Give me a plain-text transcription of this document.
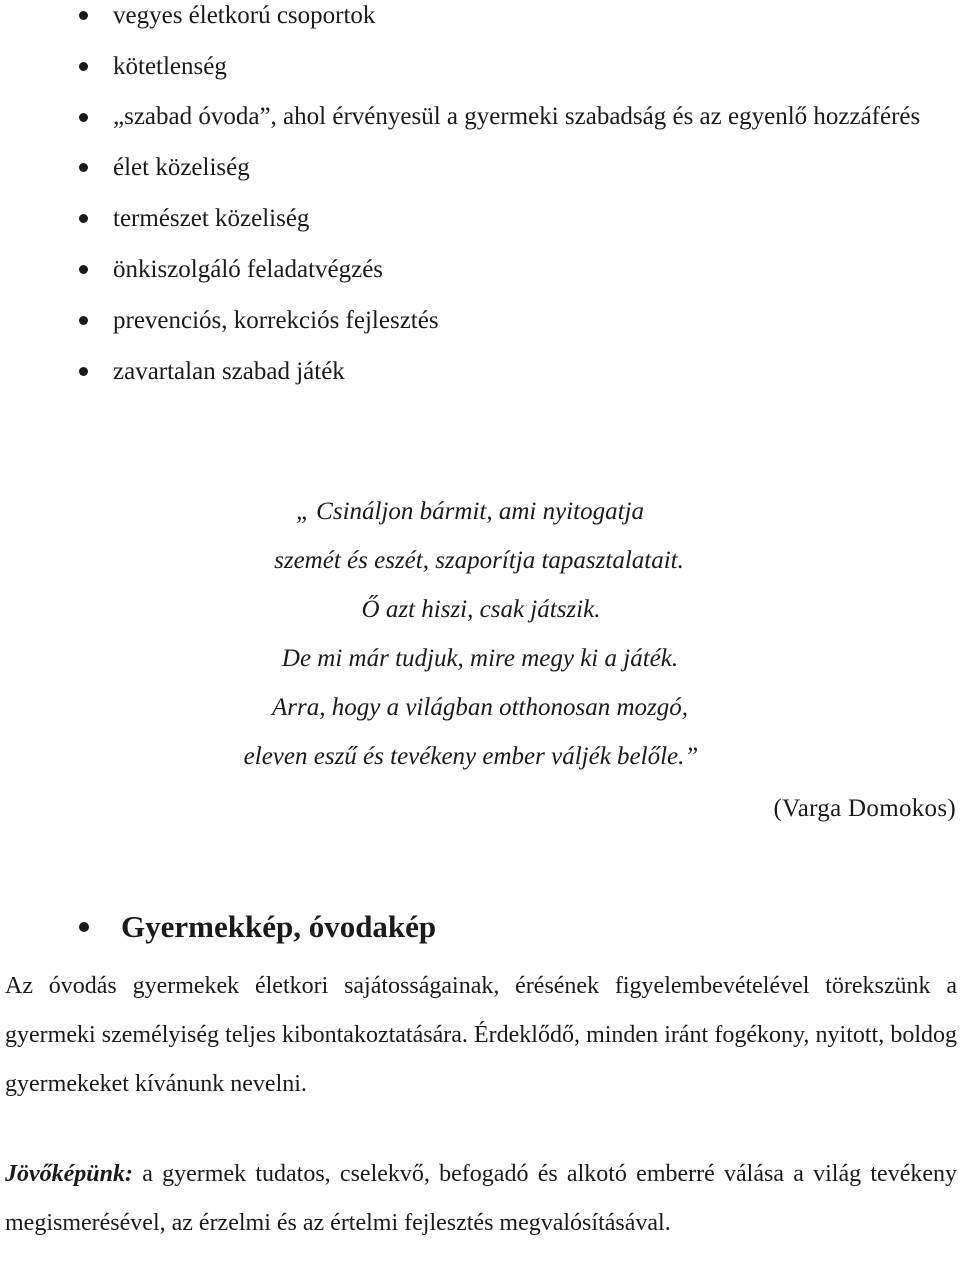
vegyes életkorú csoportok
kötetlenség
„szabad óvoda”, ahol érvényesül a gyermeki szabadság és az egyenlő hozzáférés
élet közeliség
természet közeliség
önkiszolgáló feladatvégzés
prevenciós, korrekciós fejlesztés
zavartalan szabad játék
„ Csináljon bármit, ami nyitogatja
szemét és eszét, szaporítja tapasztalatait.
Ő azt hiszi, csak játszik.
De mi már tudjuk, mire megy ki a játék.
Arra, hogy a világban otthonosan mozgó,
eleven eszű és tevékeny ember váljék belőle.”
(Varga Domokos)
Gyermekkép, óvodakép

Az óvodás gyermekek életkori sajátosságainak, érésének figyelembevételével törekszünk a gyermeki személyiség teljes kibontakoztatására. Érdeklődő, minden iránt fogékony, nyitott, boldog gyermekeket kívánunk nevelni.

Jövőképünk: a gyermek tudatos, cselekvő, befogadó és alkotó emberré válása a világ tevékeny megismerésével, az érzelmi és az értelmi fejlesztés megvalósításával.
